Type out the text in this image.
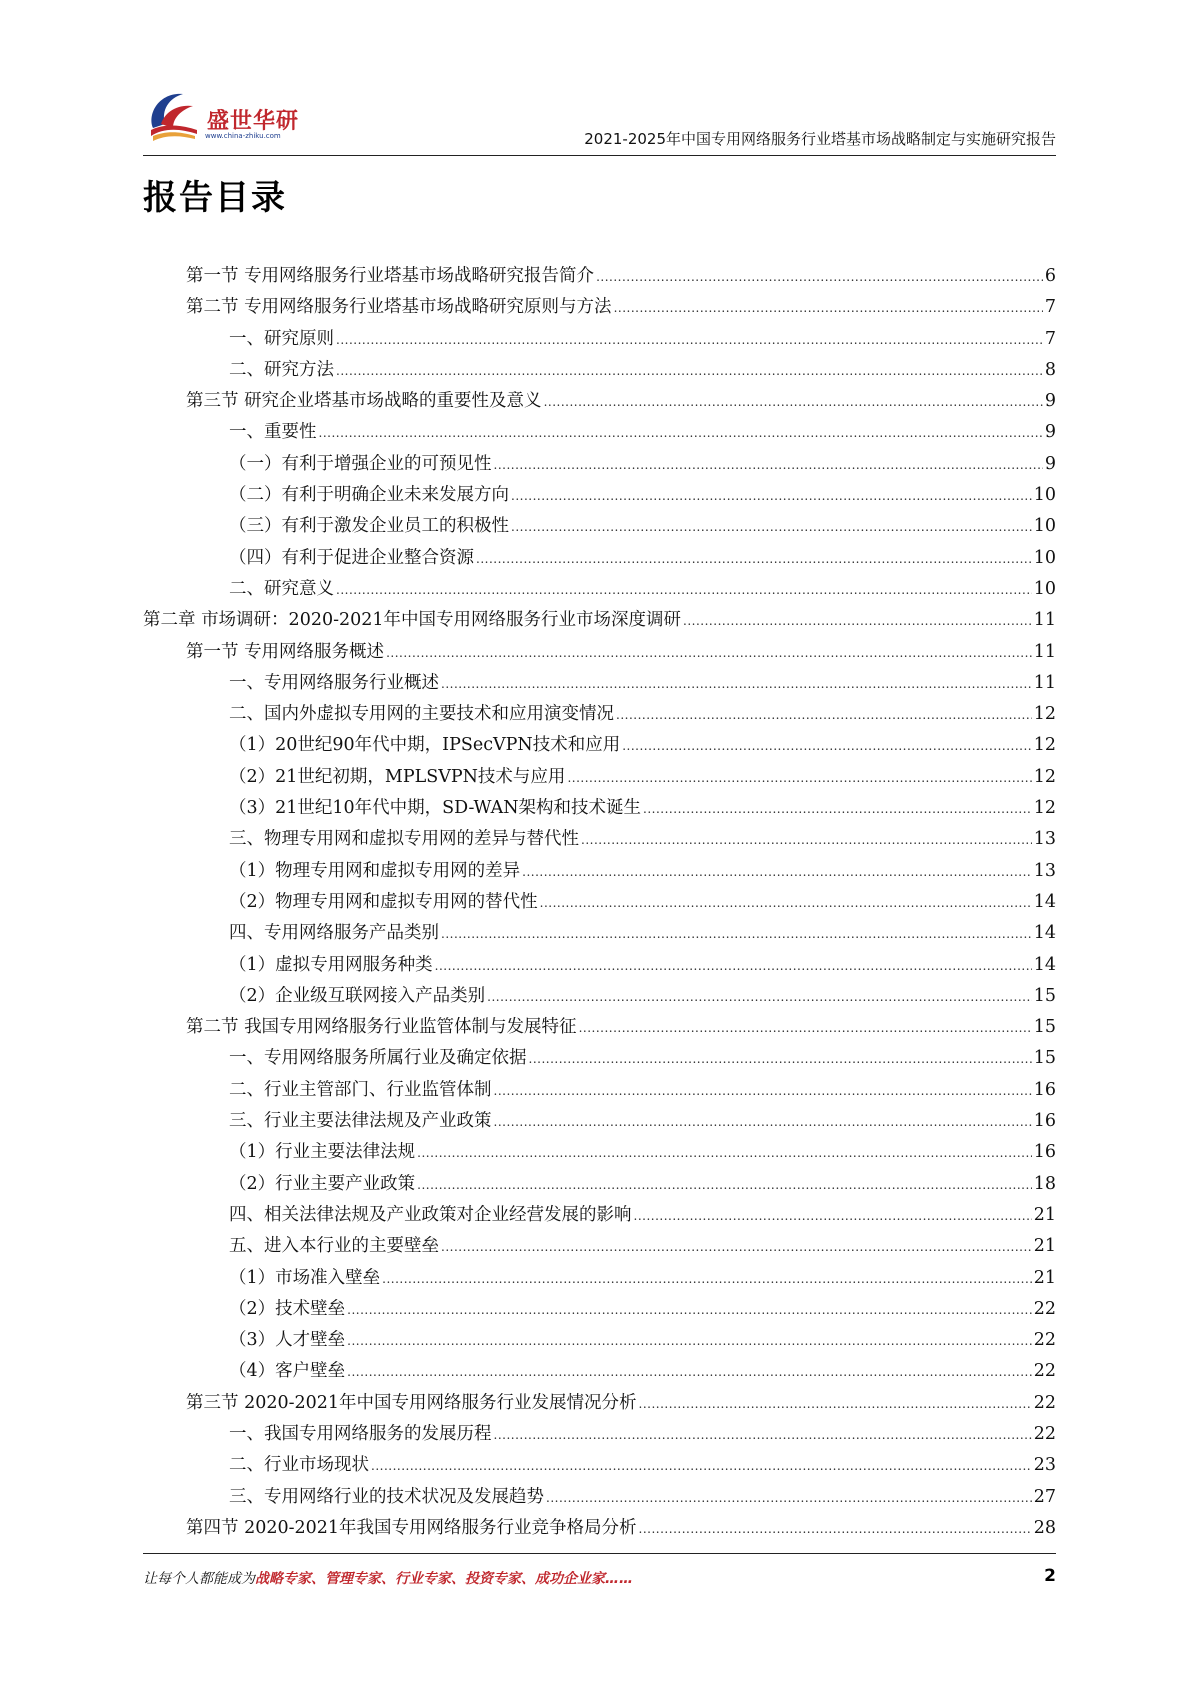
盛世华研
www.china-zhiku.com	2021-2025年中国专用网络服务行业塔基市场战略制定与实施研究报告
报告目录
第一节 专用网络服务行业塔基市场战略研究报告简介 .....	6
第二节 专用网络服务行业塔基市场战略研究原则与方法 .....	7
一、研究原则 .....	7
二、研究方法 .....	8
第三节 研究企业塔基市场战略的重要性及意义 .....	9
一、重要性 .....	9
（一）有利于增强企业的可预见性 .....	9
（二）有利于明确企业未来发展方向 .....	10
（三）有利于激发企业员工的积极性 .....	10
（四）有利于促进企业整合资源 .....	10
二、研究意义 .....	10
第二章 市场调研：2020-2021年中国专用网络服务行业市场深度调研 .....	11
第一节 专用网络服务概述 .....	11
一、专用网络服务行业概述 .....	11
二、国内外虚拟专用网的主要技术和应用演变情况 .....	12
（1）20世纪90年代中期，IPSecVPN技术和应用 .....	12
（2）21世纪初期，MPLSVPN技术与应用 .....	12
（3）21世纪10年代中期，SD-WAN架构和技术诞生 .....	12
三、物理专用网和虚拟专用网的差异与替代性 .....	13
（1）物理专用网和虚拟专用网的差异 .....	13
（2）物理专用网和虚拟专用网的替代性 .....	14
四、专用网络服务产品类别 .....	14
（1）虚拟专用网服务种类 .....	14
（2）企业级互联网接入产品类别 .....	15
第二节 我国专用网络服务行业监管体制与发展特征 .....	15
一、专用网络服务所属行业及确定依据 .....	15
二、行业主管部门、行业监管体制 .....	16
三、行业主要法律法规及产业政策 .....	16
（1）行业主要法律法规 .....	16
（2）行业主要产业政策 .....	18
四、相关法律法规及产业政策对企业经营发展的影响 .....	21
五、进入本行业的主要壁垒 .....	21
（1）市场准入壁垒 .....	21
（2）技术壁垒 .....	22
（3）人才壁垒 .....	22
（4）客户壁垒 .....	22
第三节 2020-2021年中国专用网络服务行业发展情况分析 .....	22
一、我国专用网络服务的发展历程 .....	22
二、行业市场现状 .....	23
三、专用网络行业的技术状况及发展趋势 .....	27
第四节 2020-2021年我国专用网络服务行业竞争格局分析 .....	28
让每个人都能成为战略专家、管理专家、行业专家、投资专家、成功企业家……	2
